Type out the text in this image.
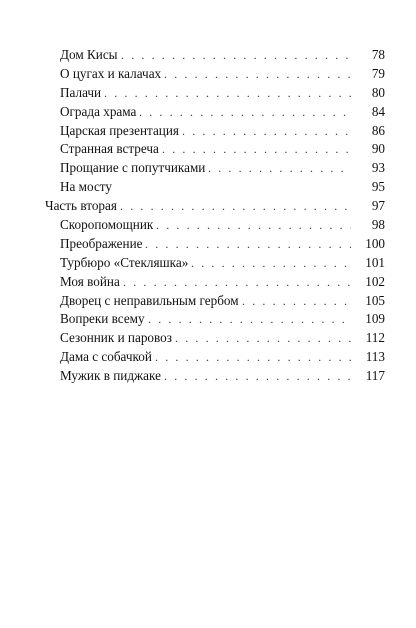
Дом Кисы . . .	78
О цугах и калачах . . .	79
Палачи . . .	80
Ограда храма . . .	84
Царская презентация . . .	86
Странная встреча . . .	90
Прощание с попутчиками . . .	93
На мосту	95
Часть вторая . . .	97
Скоропомощник . . .	98
Преображение . . .	100
Турбюро «Стекляшка» . . .	101
Моя война . . .	102
Дворец с неправильным гербом . . .	105
Вопреки всему . . .	109
Сезонник и паровоз . . .	112
Дама с собачкой . . .	113
Мужик в пиджаке . . .	117
